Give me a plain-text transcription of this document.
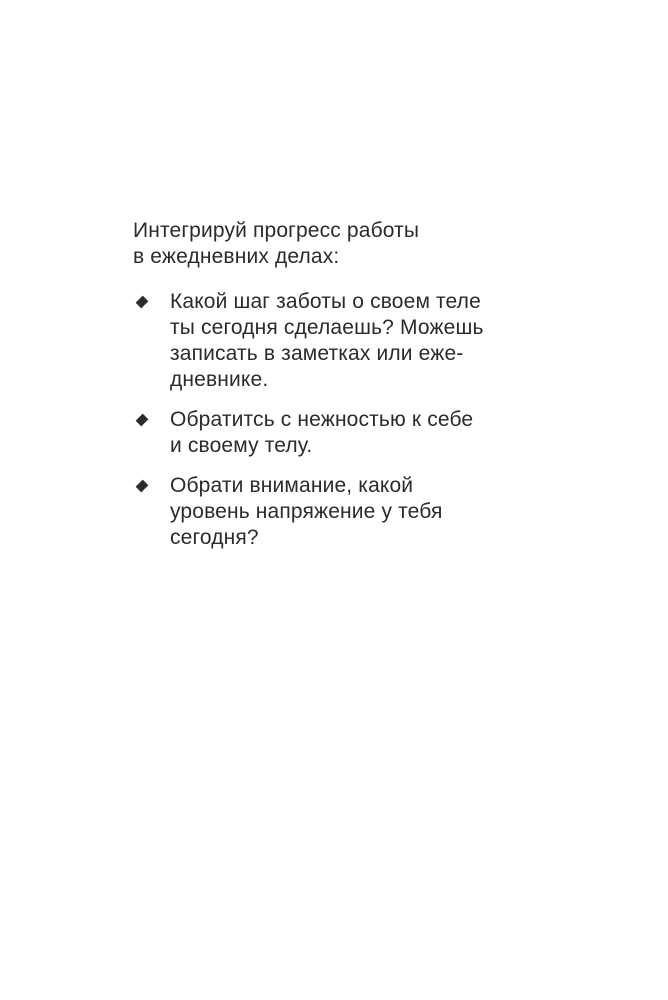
Интегрируй прогресс работы

в ежедневних делах:

Какой шаг заботы о своем теле
ты сегодня сделаешь? Можешь
записать в заметках или еже-
дневнике.
Обратитсь с нежностью к себе
и своему телу.
Обрати внимание, какой
уровень напряжение у тебя
сегодня?
